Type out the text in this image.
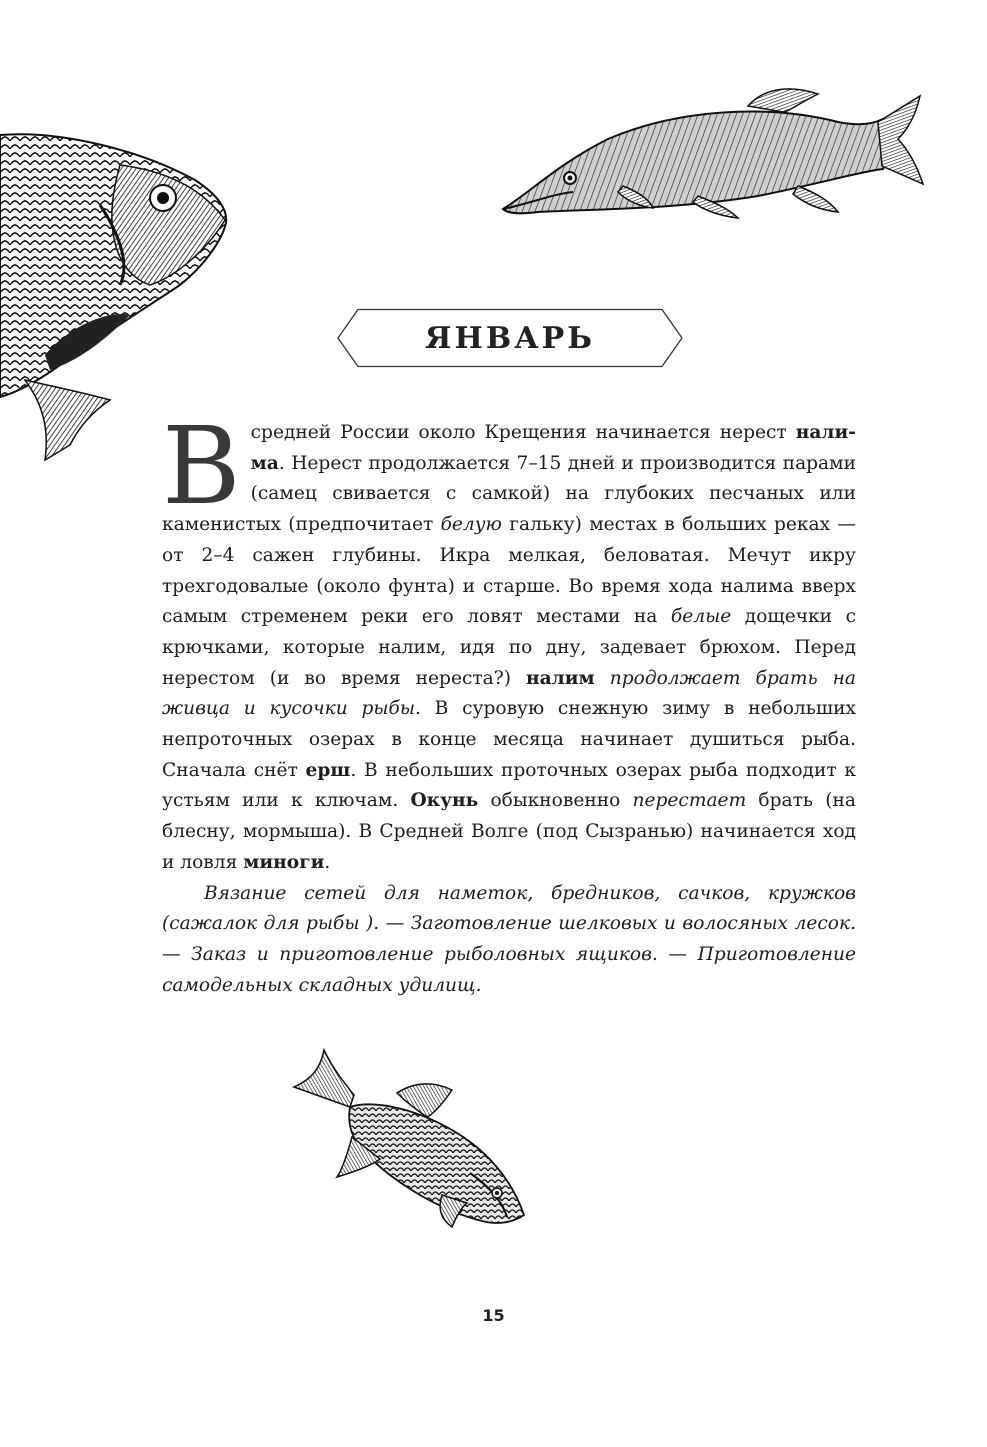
ЯНВАРЬ

В средней России около Крещения начинается нерест нали-ма. Нерест продолжается 7–15 дней и производится парами (самец свивается с самкой) на глубоких песчаных или каменистых (предпочитает белую гальку) местах в больших реках — от 2–4 сажен глубины. Икра мелкая, беловатая. Мечут икру трехгодовалые (около фунта) и старше. Во время хода налима вверх самым стременем реки его ловят местами на белые дощечки с крючками, которые налим, идя по дну, задевает брюхом. Перед нерестом (и во время нереста?) налим продолжает брать на живца и кусочки рыбы. В суровую снежную зиму в небольших непроточных озерах в конце месяца начинает душиться рыба. Сначала снёт ерш. В небольших проточных озерах рыба подходит к устьям или к ключам. Окунь обыкновенно перестает брать (на блесну, мормыша). В Средней Волге (под Сызранью) начинается ход и ловля миноги.

Вязание сетей для наметок, бредников, сачков, кружков (сажалок для рыбы ). — Заготовление шелковых и волосяных лесок. — Заказ и приготовление рыболовных ящиков. — Приготовление самодельных складных удилищ.

15
